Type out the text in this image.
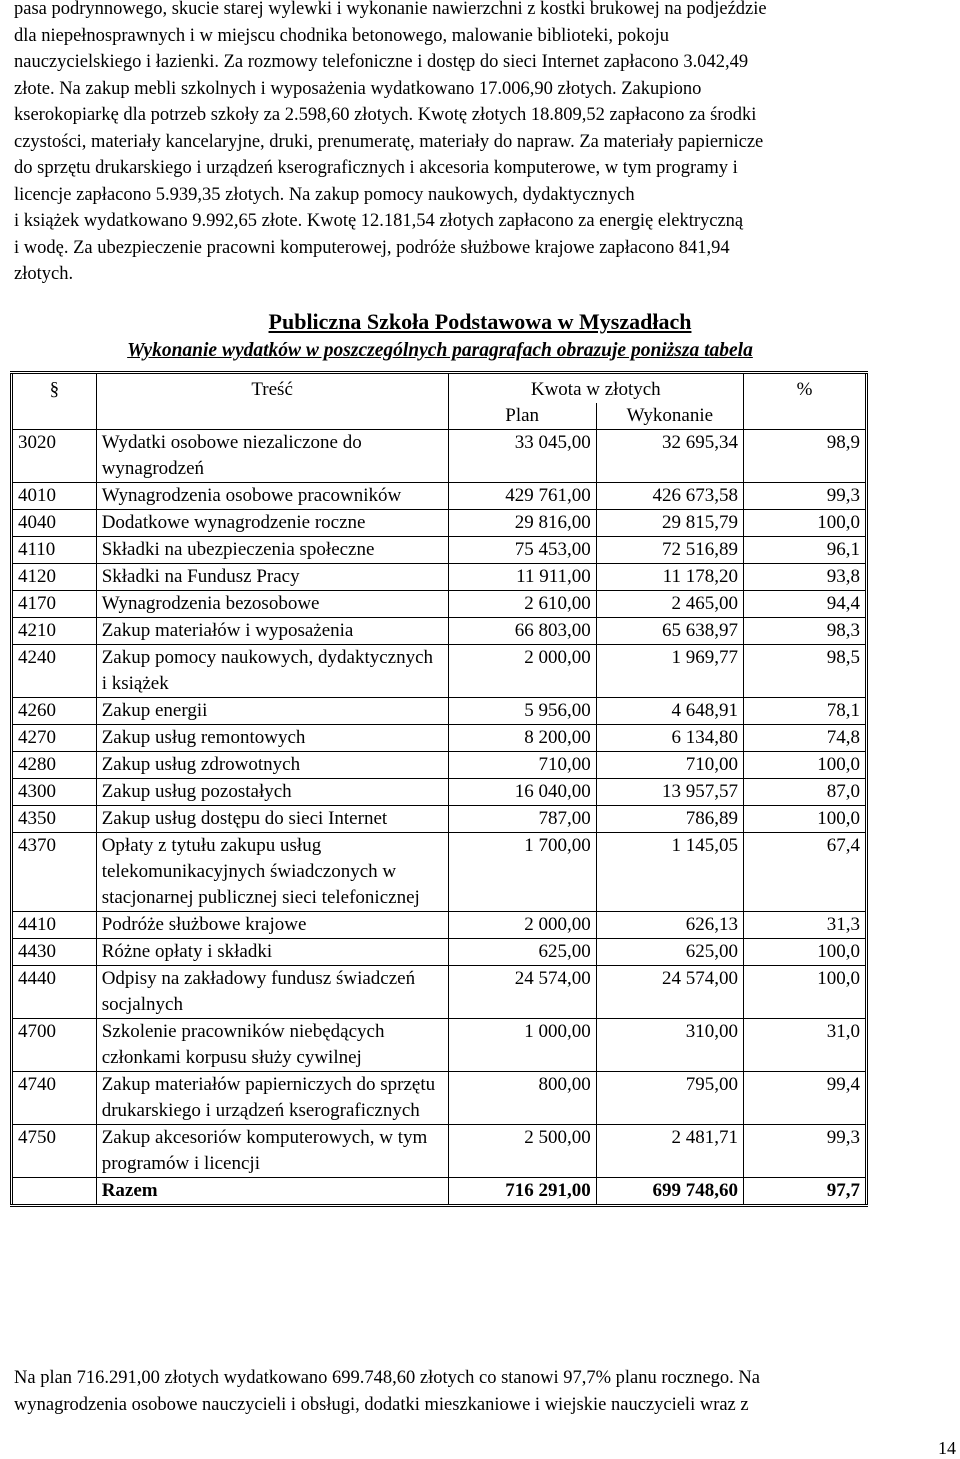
pasa podrynnowego, skucie starej wylewki i wykonanie nawierzchni z kostki brukowej na podjeździe
dla niepełnosprawnych i w miejscu chodnika betonowego, malowanie biblioteki, pokoju
nauczycielskiego i łazienki. Za rozmowy telefoniczne i dostęp do sieci Internet zapłacono 3.042,49
złote. Na zakup mebli szkolnych i wyposażenia wydatkowano 17.006,90 złotych. Zakupiono
kserokopiarkę dla potrzeb szkoły za 2.598,60 złotych. Kwotę złotych 18.809,52 zapłacono za środki
czystości, materiały kancelaryjne, druki, prenumeratę, materiały do napraw. Za materiały papiernicze
do sprzętu drukarskiego i urządzeń kserograficznych i akcesoria komputerowe, w tym programy i
licencje zapłacono 5.939,35 złotych. Na zakup pomocy naukowych, dydaktycznych
i książek wydatkowano 9.992,65 złote. Kwotę 12.181,54 złotych zapłacono za energię elektryczną
i wodę. Za ubezpieczenie pracowni komputerowej, podróże służbowe krajowe zapłacono 841,94
złotych.
Publiczna Szkoła Podstawowa w Myszadłach
Wykonanie wydatków w poszczególnych paragrafach obrazuje poniższa tabela
§	Treść	Kwota w złotych		%
		Plan	Wykonanie	
3020	Wydatki osobowe niezaliczone do wynagrodzeń	33 045,00	32 695,34	98,9
4010	Wynagrodzenia osobowe pracowników	429 761,00	426 673,58	99,3
4040	Dodatkowe wynagrodzenie roczne	29 816,00	29 815,79	100,0
4110	Składki na ubezpieczenia społeczne	75 453,00	72 516,89	96,1
4120	Składki na Fundusz Pracy	11 911,00	11 178,20	93,8
4170	Wynagrodzenia bezosobowe	2 610,00	2 465,00	94,4
4210	Zakup materiałów i wyposażenia	66 803,00	65 638,97	98,3
4240	Zakup pomocy naukowych, dydaktycznych i książek	2 000,00	1 969,77	98,5
4260	Zakup energii	5 956,00	4 648,91	78,1
4270	Zakup usług remontowych	8 200,00	6 134,80	74,8
4280	Zakup usług zdrowotnych	710,00	710,00	100,0
4300	Zakup usług pozostałych	16 040,00	13 957,57	87,0
4350	Zakup usług dostępu do sieci Internet	787,00	786,89	100,0
4370	Opłaty z tytułu zakupu usług telekomunikacyjnych świadczonych w stacjonarnej publicznej sieci telefonicznej	1 700,00	1 145,05	67,4
4410	Podróże służbowe krajowe	2 000,00	626,13	31,3
4430	Różne opłaty i składki	625,00	625,00	100,0
4440	Odpisy na zakładowy fundusz świadczeń socjalnych	24 574,00	24 574,00	100,0
4700	Szkolenie pracowników niebędących członkami korpusu służy cywilnej	1 000,00	310,00	31,0
4740	Zakup materiałów papierniczych do sprzętu drukarskiego i urządzeń kserograficznych	800,00	795,00	99,4
4750	Zakup akcesoriów komputerowych, w tym programów i licencji	2 500,00	2 481,71	99,3
	Razem	716 291,00	699 748,60	97,7
Na plan 716.291,00 złotych wydatkowano 699.748,60 złotych co stanowi 97,7% planu rocznego. Na
wynagrodzenia osobowe nauczycieli i obsługi, dodatki mieszkaniowe i wiejskie nauczycieli wraz z
14
